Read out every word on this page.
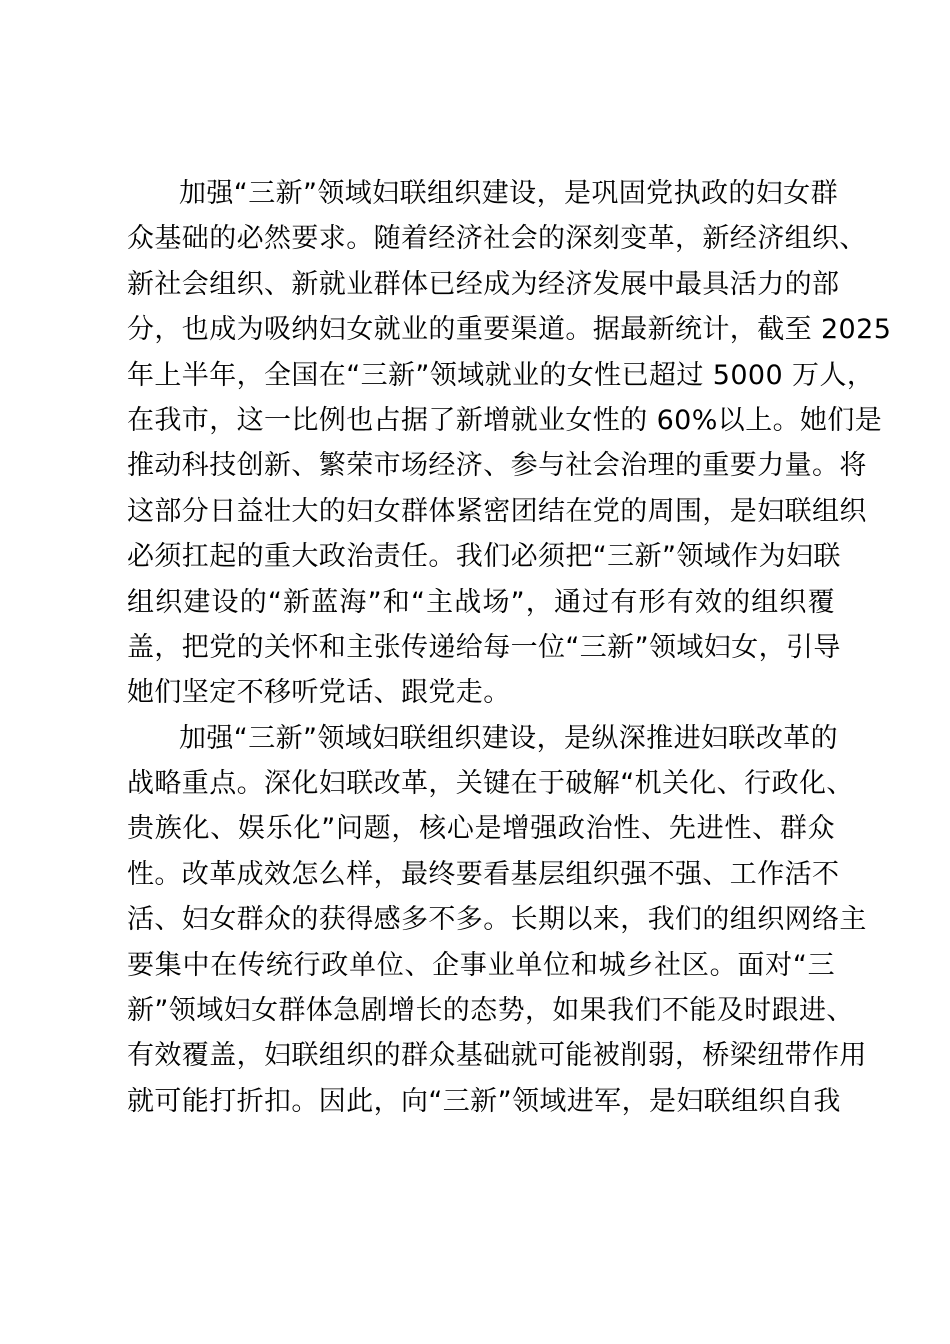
加强“三新”领域妇联组织建设，是巩固党执政的妇女群
众基础的必然要求。随着经济社会的深刻变革，新经济组织、
新社会组织、新就业群体已经成为经济发展中最具活力的部
分，也成为吸纳妇女就业的重要渠道。据最新统计，截至 2025
年上半年，全国在“三新”领域就业的女性已超过 5000 万人，
在我市，这一比例也占据了新增就业女性的 60%以上。她们是
推动科技创新、繁荣市场经济、参与社会治理的重要力量。将
这部分日益壮大的妇女群体紧密团结在党的周围，是妇联组织
必须扛起的重大政治责任。我们必须把“三新”领域作为妇联
组织建设的“新蓝海”和“主战场”，通过有形有效的组织覆
盖，把党的关怀和主张传递给每一位“三新”领域妇女，引导
她们坚定不移听党话、跟党走。
加强“三新”领域妇联组织建设，是纵深推进妇联改革的
战略重点。深化妇联改革，关键在于破解“机关化、行政化、
贵族化、娱乐化”问题，核心是增强政治性、先进性、群众
性。改革成效怎么样，最终要看基层组织强不强、工作活不
活、妇女群众的获得感多不多。长期以来，我们的组织网络主
要集中在传统行政单位、企事业单位和城乡社区。面对“三
新”领域妇女群体急剧增长的态势，如果我们不能及时跟进、
有效覆盖，妇联组织的群众基础就可能被削弱，桥梁纽带作用
就可能打折扣。因此，向“三新”领域进军，是妇联组织自我
